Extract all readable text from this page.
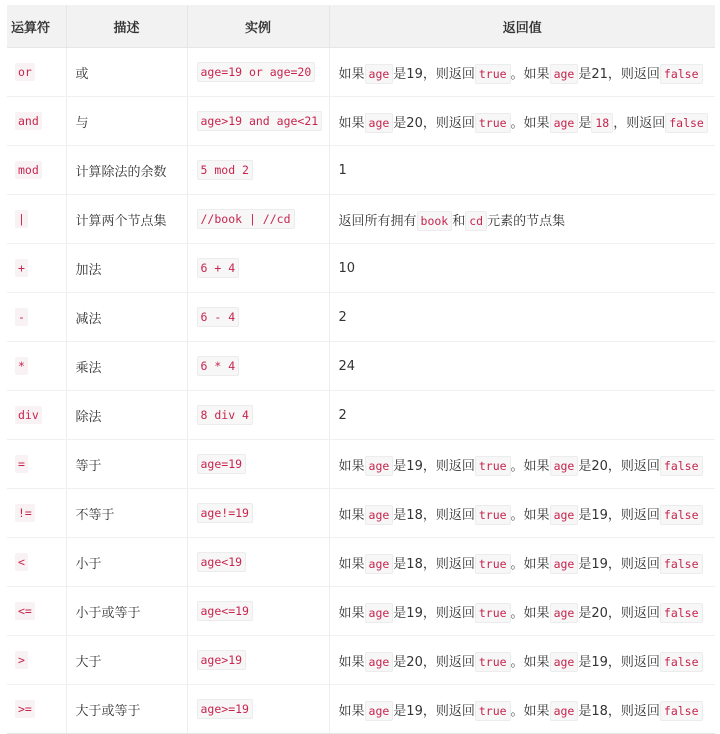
运算符	描述	实例	返回值
or	或	age=19 or age=20	如果 age 是19，则返回 true 。如果 age 是21，则返回 false
and	与	age>19 and age<21	如果 age 是20，则返回 true 。如果 age 是 18 ，则返回 false
mod	计算除法的余数	5 mod 2	1
|	计算两个节点集	//book | //cd	返回所有拥有 book 和 cd 元素的节点集
+	加法	6 + 4	10
-	减法	6 - 4	2
*	乘法	6 * 4	24
div	除法	8 div 4	2
=	等于	age=19	如果 age 是19，则返回 true 。如果 age 是20，则返回 false
!=	不等于	age!=19	如果 age 是18，则返回 true 。如果 age 是19，则返回 false
<	小于	age<19	如果 age 是18，则返回 true 。如果 age 是19，则返回 false
<=	小于或等于	age<=19	如果 age 是19，则返回 true 。如果 age 是20，则返回 false
>	大于	age>19	如果 age 是20，则返回 true 。如果 age 是19，则返回 false
>=	大于或等于	age>=19	如果 age 是19，则返回 true 。如果 age 是18，则返回 false
